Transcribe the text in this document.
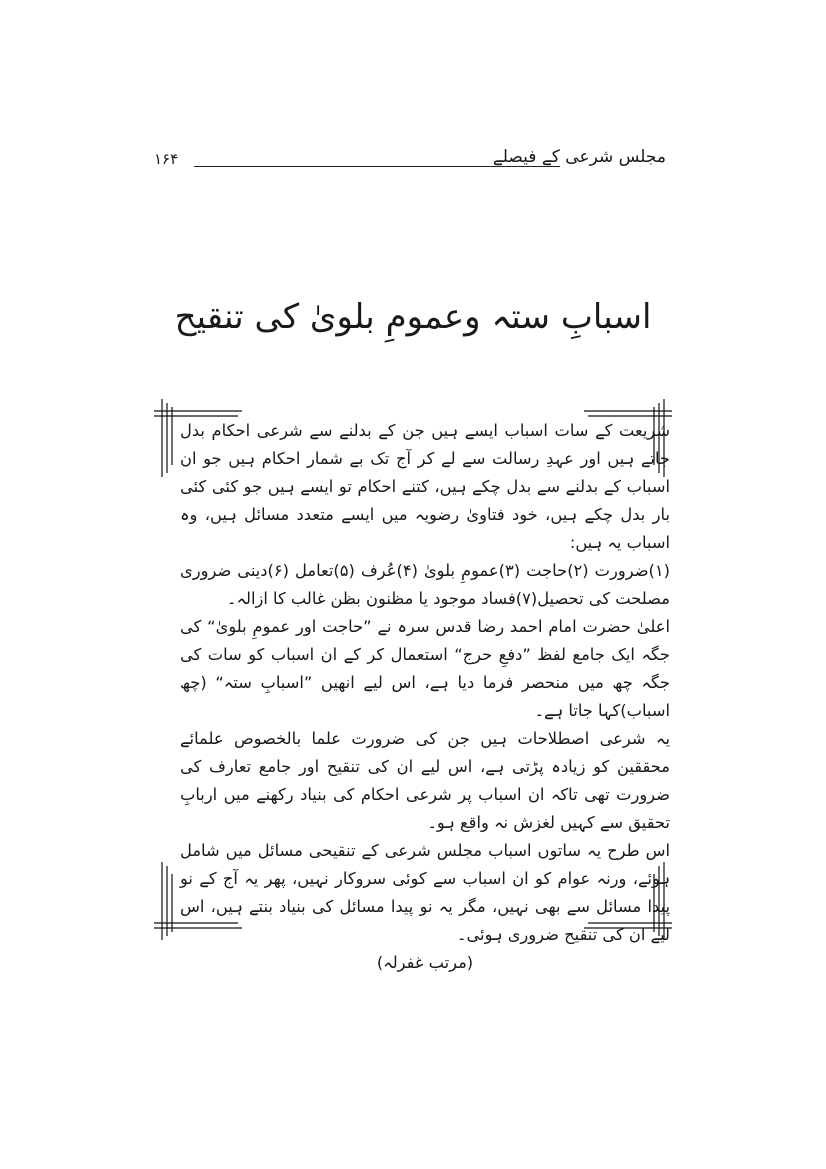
مجلس شرعی کے فیصلے
۱۶۴
اسبابِ ستہ وعمومِ بلویٰ کی تنقیح

شریعت کے سات اسباب ایسے ہیں جن کے بدلنے سے شرعی احکام بدل جاتے ہیں اور عہدِ رسالت سے لے کر آج تک بے شمار احکام ہیں جو ان اسباب کے بدلنے سے بدل چکے ہیں، کتنے احکام تو ایسے ہیں جو کئی کئی بار بدل چکے ہیں، خود فتاویٰ رضویہ میں ایسے متعدد مسائل ہیں، وہ اسباب یہ ہیں:

(۱)ضرورت (۲)حاجت (۳)عمومِ بلویٰ (۴)عُرف (۵)تعامل (۶)دینی ضروری مصلحت کی تحصیل(۷)فساد موجود یا مظنون بظن غالب کا ازالہ۔

اعلیٰ حضرت امام احمد رضا قدس سرہ نے ”حاجت اور عمومِ بلویٰ“ کی جگہ ایک جامع لفظ ”دفعِ حرج“ استعمال کر کے ان اسباب کو سات کی جگہ چھ میں منحصر فرما دیا ہے، اس لیے انھیں ”اسبابِ ستہ“ (چھ اسباب)کہا جاتا ہے۔

یہ شرعی اصطلاحات ہیں جن کی ضرورت علما بالخصوص علمائے محققین کو زیادہ پڑتی ہے، اس لیے ان کی تنقیح اور جامع تعارف کی ضرورت تھی تاکہ ان اسباب پر شرعی احکام کی بنیاد رکھنے میں اربابِ تحقیق سے کہیں لغزش نہ واقع ہو۔

اس طرح یہ ساتوں اسباب مجلس شرعی کے تنقیحی مسائل میں شامل ہوئے، ورنہ عوام کو ان اسباب سے کوئی سروکار نہیں، پھر یہ آج کے نو پیدا مسائل سے بھی نہیں، مگر یہ نو پیدا مسائل کی بنیاد بنتے ہیں، اس لیے ان کی تنقیح ضروری ہوئی۔

(مرتب غفرلہ)
